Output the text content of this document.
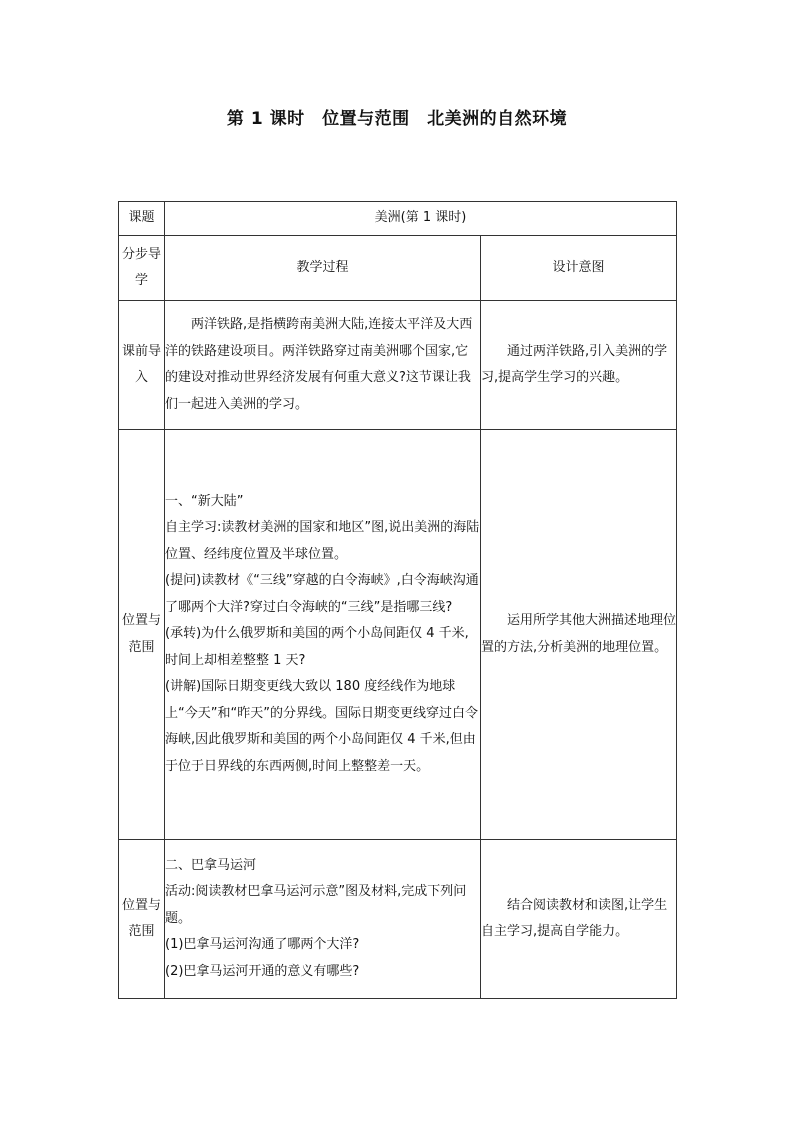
第 1 课时　位置与范围　北美洲的自然环境
课题	美洲(第 1 课时)	
分步导学	教学过程	设计意图
课前导入	两洋铁路,是指横跨南美洲大陆,连接太平洋及大西洋的铁路建设项目。两洋铁路穿过南美洲哪个国家,它的建设对推动世界经济发展有何重大意义?这节课让我们一起进入美洲的学习。	通过两洋铁路,引入美洲的学习,提高学生学习的兴趣。

位置与范围	一、“新大陆”
自主学习:读教材美洲的国家和地区”图,说出美洲的海陆位置、经纬度位置及半球位置。
(提问)读教材《“三线”穿越的白令海峡》,白令海峡沟通了哪两个大洋?穿过白令海峡的“三线”是指哪三线?
(承转)为什么俄罗斯和美国的两个小岛间距仅 4 千米,时间上却相差整整 1 天?
(讲解)国际日期变更线大致以 180 度经线作为地球上“今天”和“昨天”的分界线。国际日期变更线穿过白令海峡,因此俄罗斯和美国的两个小岛间距仅 4 千米,但由于位于日界线的东西两侧,时间上整整差一天。	运用所学其他大洲描述地理位置的方法,分析美洲的地理位置。

位置与范围	二、巴拿马运河
活动:阅读教材巴拿马运河示意”图及材料,完成下列问题。
(1)巴拿马运河沟通了哪两个大洋?
(2)巴拿马运河开通的意义有哪些?	结合阅读教材和读图,让学生自主学习,提高自学能力。
